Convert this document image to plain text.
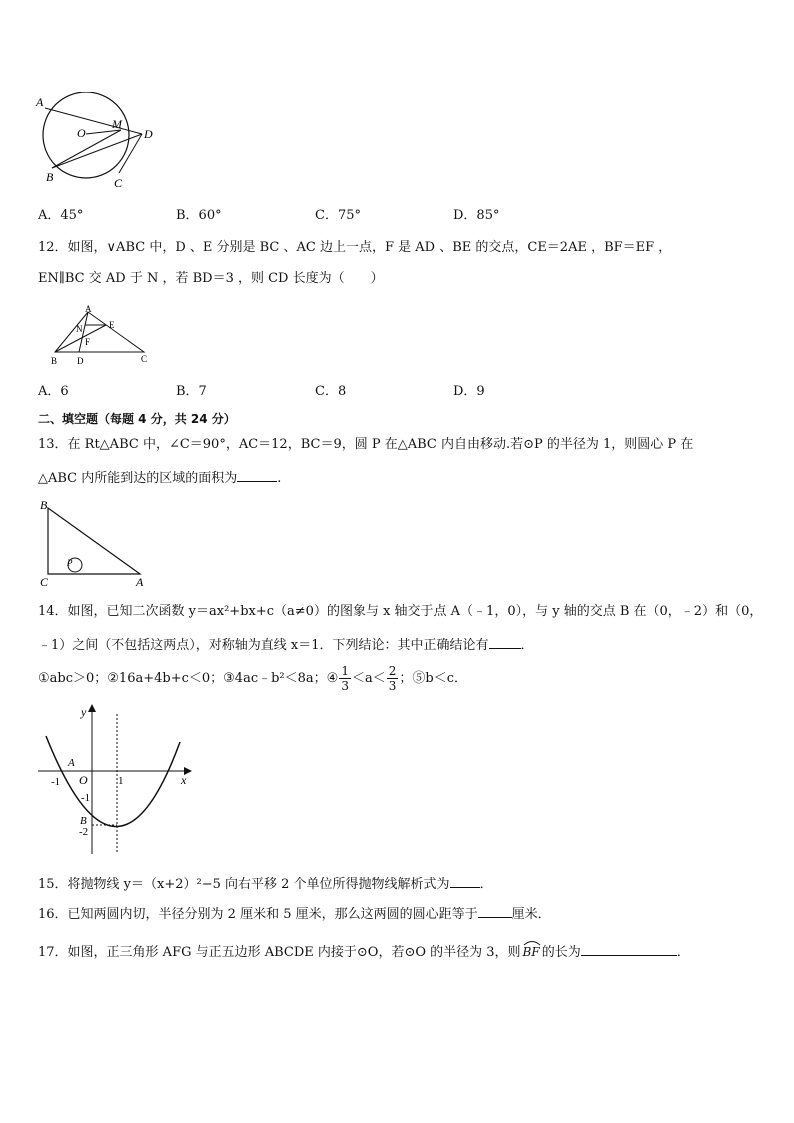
A
O
M
D
B	C
A．45°	B．60°	C．75°	D．85°
12．如图，∨ABC 中，D 、E 分别是 BC 、AC 边上一点，F 是 AD 、BE 的交点，CE＝2AE ，BF＝EF ，
EN∥BC 交 AD 于 N ，若 BD＝3 ，则 CD 长度为（　　）
A
E
N
F
B D	C
A．6	B．7	C．8	D．9
二、填空题（每题 4 分，共 24 分）
13．在 Rt△ABC 中，∠C＝90°，AC＝12，BC＝9，圆 P 在△ABC 内自由移动.若⊙P 的半径为 1，则圆心 P 在
△ABC 内所能到达的区域的面积为	.
B
C	A
P
14．如图，已知二次函数 y＝ax²+bx+c（a≠0）的图象与 x 轴交于点 A（﹣1，0），与 y 轴的交点 B 在（0，﹣2）和（0，
﹣1）之间（不包括这两点），对称轴为直线 x＝1．下列结论：其中正确结论有 ．
①abc＞0；②16a+4b+c＜0；③4ac﹣b²＜8a；④ $\frac{1}{3} <a< \frac{2}{3}$ ；⑤b＜c．
y
x
O
A
B
-1	1
-1
-2
15．将抛物线 y＝（x+2）²−5 向右平移 2 个单位所得抛物线解析式为 ．
16．已知两圆内切，半径分别为 2 厘米和 5 厘米，那么这两圆的圆心距等于	厘米．
17．如图，正三角形 AFG 与正五边形 ABCDE 内接于⊙O，若⊙O 的半径为 3，则 BF 的长为	．
